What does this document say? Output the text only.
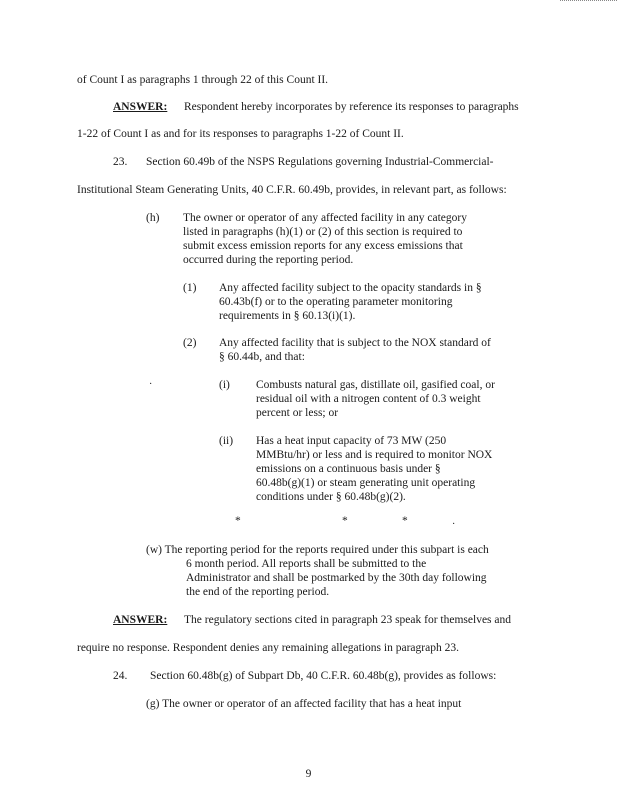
of Count I as paragraphs 1 through 22 of this Count II.
ANSWER: Respondent hereby incorporates by reference its responses to paragraphs
1-22 of Count I as and for its responses to paragraphs 1-22 of Count II.
23. Section 60.49b of the NSPS Regulations governing Industrial-Commercial-
Institutional Steam Generating Units, 40 C.F.R. 60.49b, provides, in relevant part, as follows:
(h) The owner or operator of any affected facility in any category
listed in paragraphs (h)(1) or (2) of this section is required to
submit excess emission reports for any excess emissions that
occurred during the reporting period.
(1) Any affected facility subject to the opacity standards in §
60.43b(f) or to the operating parameter monitoring
requirements in § 60.13(i)(1).
(2) Any affected facility that is subject to the NOX standard of
§ 60.44b, and that:
·	(i) Combusts natural gas, distillate oil, gasified coal, or
residual oil with a nitrogen content of 0.3 weight
percent or less; or
(ii) Has a heat input capacity of 73 MW (250
MMBtu/hr) or less and is required to monitor NOX
emissions on a continuous basis under §
60.48b(g)(1) or steam generating unit operating
conditions under § 60.48b(g)(2).
*	*	*	·
(w) The reporting period for the reports required under this subpart is each
6 month period. All reports shall be submitted to the
Administrator and shall be postmarked by the 30th day following
the end of the reporting period.
ANSWER: The regulatory sections cited in paragraph 23 speak for themselves and
require no response. Respondent denies any remaining allegations in paragraph 23.
24. Section 60.48b(g) of Subpart Db, 40 C.F.R. 60.48b(g), provides as follows:
(g) The owner or operator of an affected facility that has a heat input
9
